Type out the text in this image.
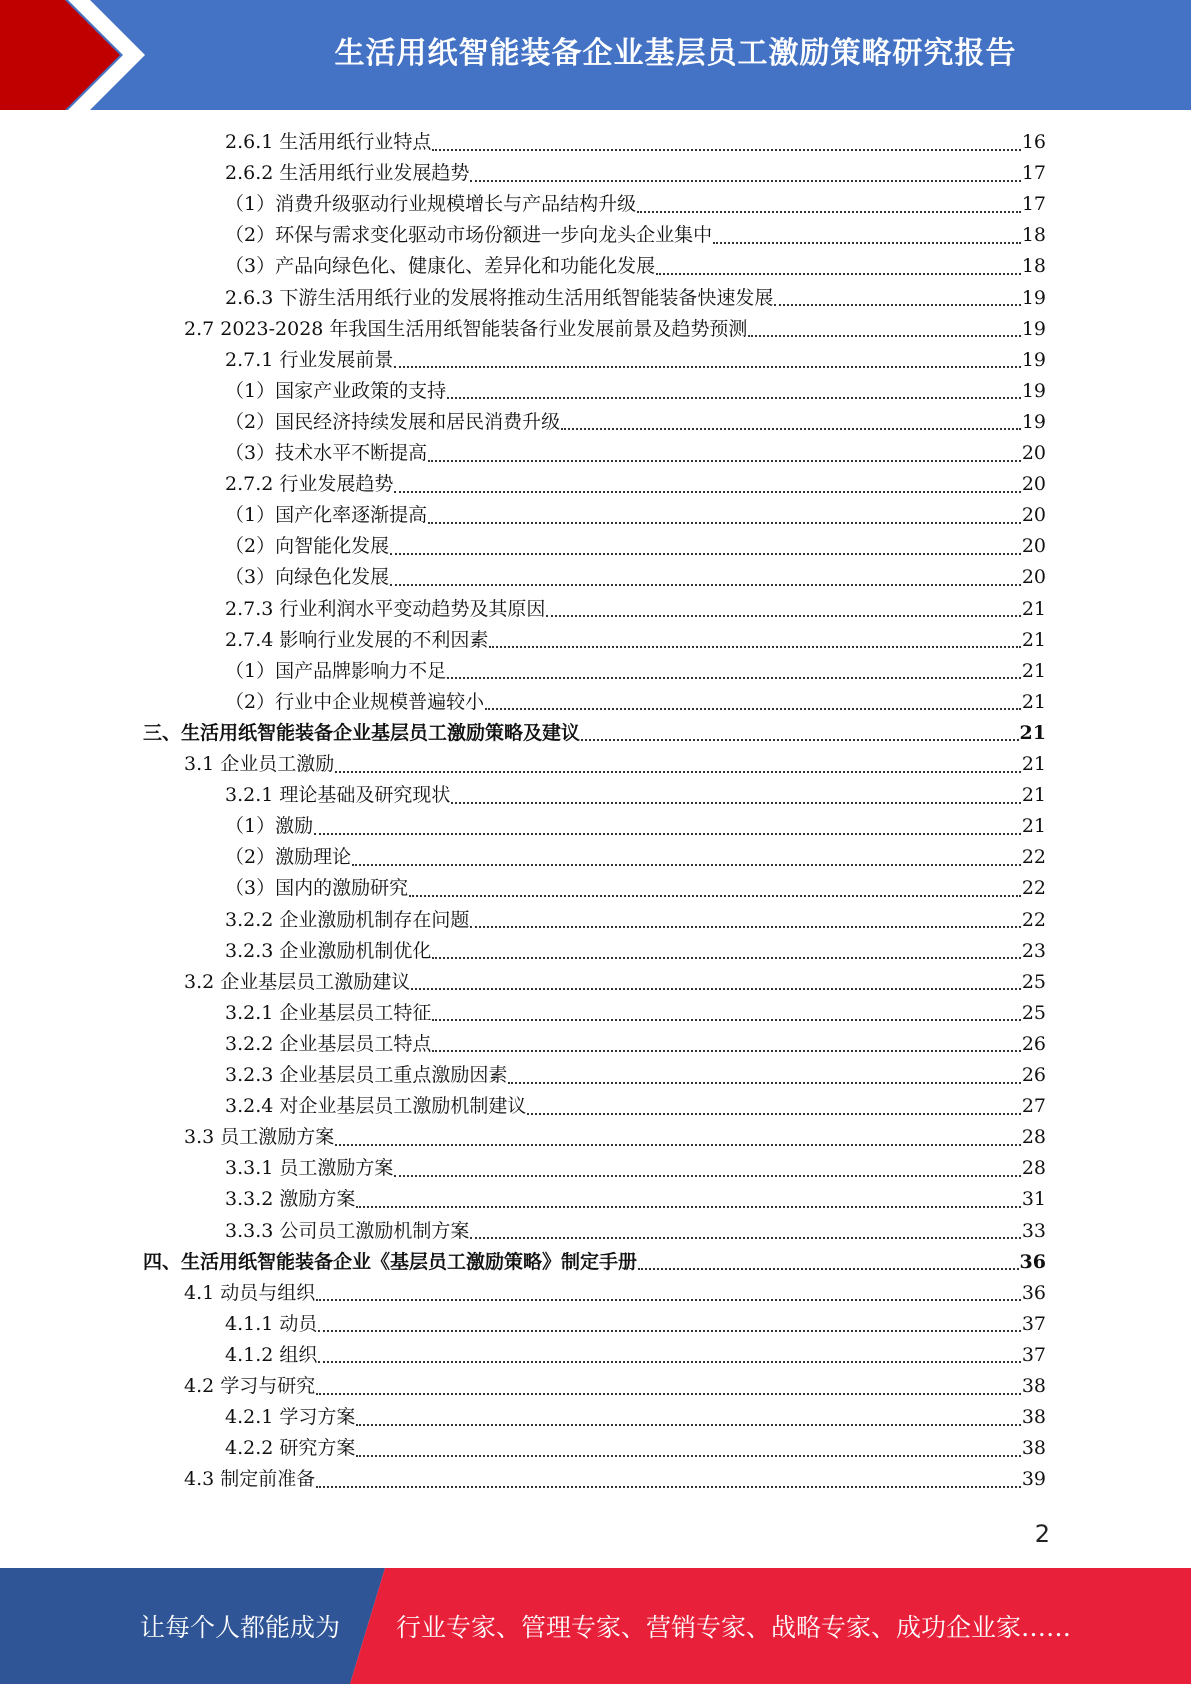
生活用纸智能装备企业基层员工激励策略研究报告
2.6.1 生活用纸行业特点	16
2.6.2 生活用纸行业发展趋势	17
（1）消费升级驱动行业规模增长与产品结构升级	17
（2）环保与需求变化驱动市场份额进一步向龙头企业集中	18
（3）产品向绿色化、健康化、差异化和功能化发展	18
2.6.3 下游生活用纸行业的发展将推动生活用纸智能装备快速发展	19
2.7 2023-2028 年我国生活用纸智能装备行业发展前景及趋势预测	19
2.7.1 行业发展前景	19
（1）国家产业政策的支持	19
（2）国民经济持续发展和居民消费升级	19
（3）技术水平不断提高	20
2.7.2 行业发展趋势	20
（1）国产化率逐渐提高	20
（2）向智能化发展	20
（3）向绿色化发展	20
2.7.3 行业利润水平变动趋势及其原因	21
2.7.4 影响行业发展的不利因素	21
（1）国产品牌影响力不足	21
（2）行业中企业规模普遍较小	21
三、生活用纸智能装备企业基层员工激励策略及建议	21
3.1 企业员工激励	21
3.2.1 理论基础及研究现状	21
（1）激励	21
（2）激励理论	22
（3）国内的激励研究	22
3.2.2 企业激励机制存在问题	22
3.2.3 企业激励机制优化	23
3.2 企业基层员工激励建议	25
3.2.1 企业基层员工特征	25
3.2.2 企业基层员工特点	26
3.2.3 企业基层员工重点激励因素	26
3.2.4 对企业基层员工激励机制建议	27
3.3 员工激励方案	28
3.3.1 员工激励方案	28
3.3.2 激励方案	31
3.3.3 公司员工激励机制方案	33
四、生活用纸智能装备企业《基层员工激励策略》制定手册	36
4.1 动员与组织	36
4.1.1 动员	37
4.1.2 组织	37
4.2 学习与研究	38
4.2.1 学习方案	38
4.2.2 研究方案	38
4.3 制定前准备	39
2
让每个人都能成为	行业专家、管理专家、营销专家、战略专家、成功企业家……
